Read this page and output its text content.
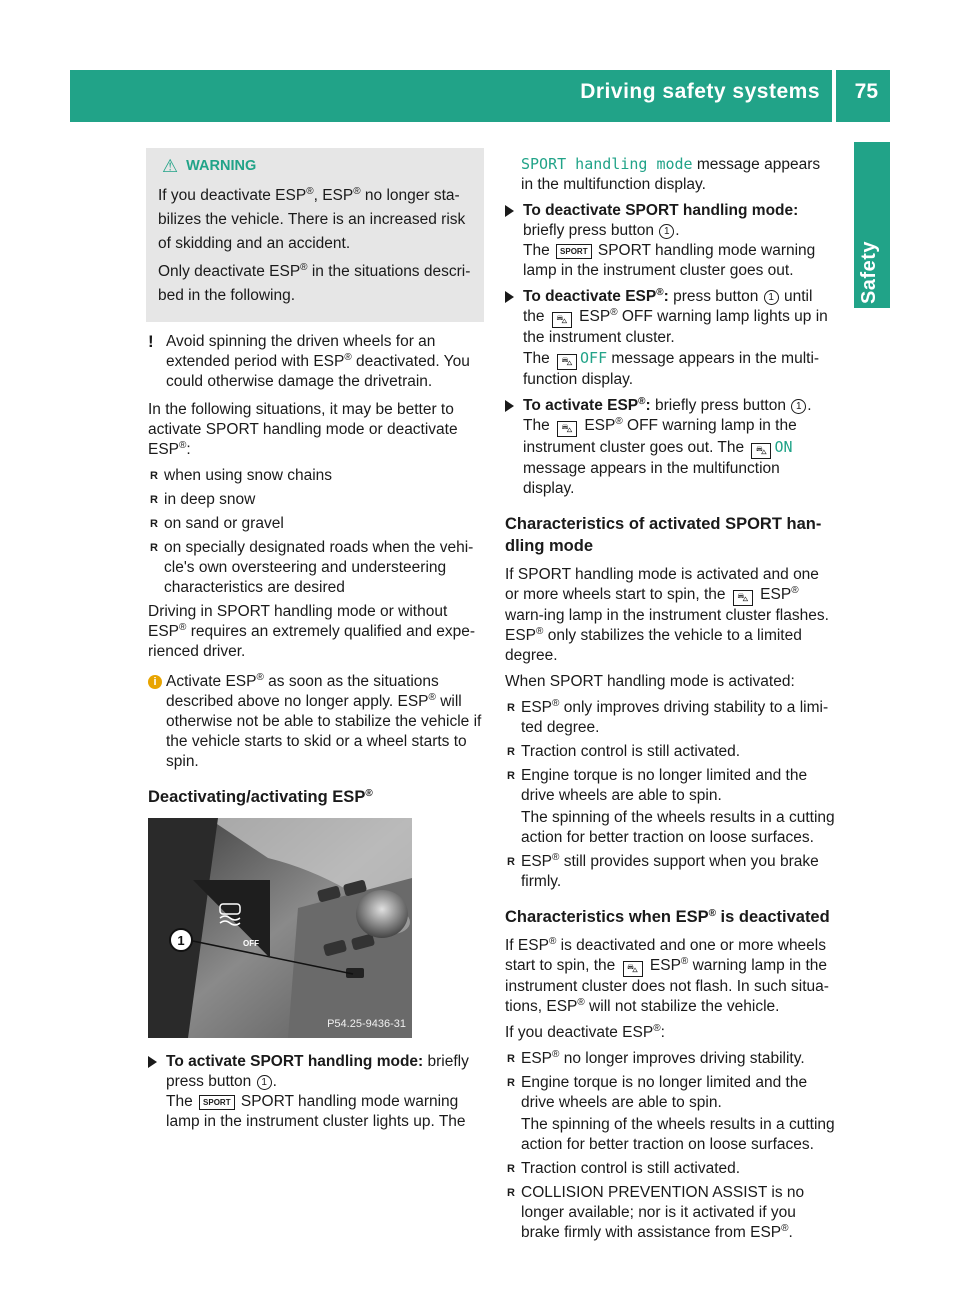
Driving safety systems 75
Safety
⚠ WARNING

If you deactivate ESP®, ESP® no longer sta-bilizes the vehicle. There is an increased risk of skidding and an accident.

Only deactivate ESP® in the situations descri-bed in the following.

! Avoid spinning the driven wheels for an extended period with ESP® deactivated. You could otherwise damage the drivetrain.

In the following situations, it may be better to activate SPORT handling mode or deactivate ESP®:

R when using snow chains
R in deep snow
R on sand or gravel
R on specially designated roads when the vehi-cle's own oversteering and understeering characteristics are desired

Driving in SPORT handling mode or without ESP® requires an extremely qualified and expe-rienced driver.

i Activate ESP® as soon as the situations described above no longer apply. ESP® will otherwise not be able to stabilize the vehicle if the vehicle starts to skid or a wheel starts to spin.
Deactivating/activating ESP®
1	OFF
P54.25-9436-31
To activate SPORT handling mode: briefly press button 1 .
The SPORT SPORT handling mode warning lamp in the instrument cluster lights up. The

SPORT handling mode message appears in the multifunction display.

To deactivate SPORT handling mode:
briefly press button 1 .
The SPORT SPORT handling mode warning lamp in the instrument cluster goes out.
To deactivate ESP®: press button 1 until the ⛍ ESP® OFF warning lamp lights up in the instrument cluster.
The ⛍ OFF message appears in the multi-function display.
To activate ESP®: briefly press button 1 .
The ⛍ ESP® OFF warning lamp in the instrument cluster goes out. The ⛍ ON message appears in the multifunction display.
Characteristics of activated SPORT han-dling mode

If SPORT handling mode is activated and one or more wheels start to spin, the ⛍ ESP® warn-ing lamp in the instrument cluster flashes. ESP® only stabilizes the vehicle to a limited degree.

When SPORT handling mode is activated:

R ESP® only improves driving stability to a limi-ted degree.
R Traction control is still activated.
R Engine torque is no longer limited and the drive wheels are able to spin.
The spinning of the wheels results in a cutting action for better traction on loose surfaces.
R ESP® still provides support when you brake firmly.
Characteristics when ESP® is deactivated

If ESP® is deactivated and one or more wheels start to spin, the ⛍ ESP® warning lamp in the instrument cluster does not flash. In such situa-tions, ESP® will not stabilize the vehicle.

If you deactivate ESP®:

R ESP® no longer improves driving stability.
R Engine torque is no longer limited and the drive wheels are able to spin.
The spinning of the wheels results in a cutting action for better traction on loose surfaces.
R Traction control is still activated.
R COLLISION PREVENTION ASSIST is no longer available; nor is it activated if you brake firmly with assistance from ESP®.
